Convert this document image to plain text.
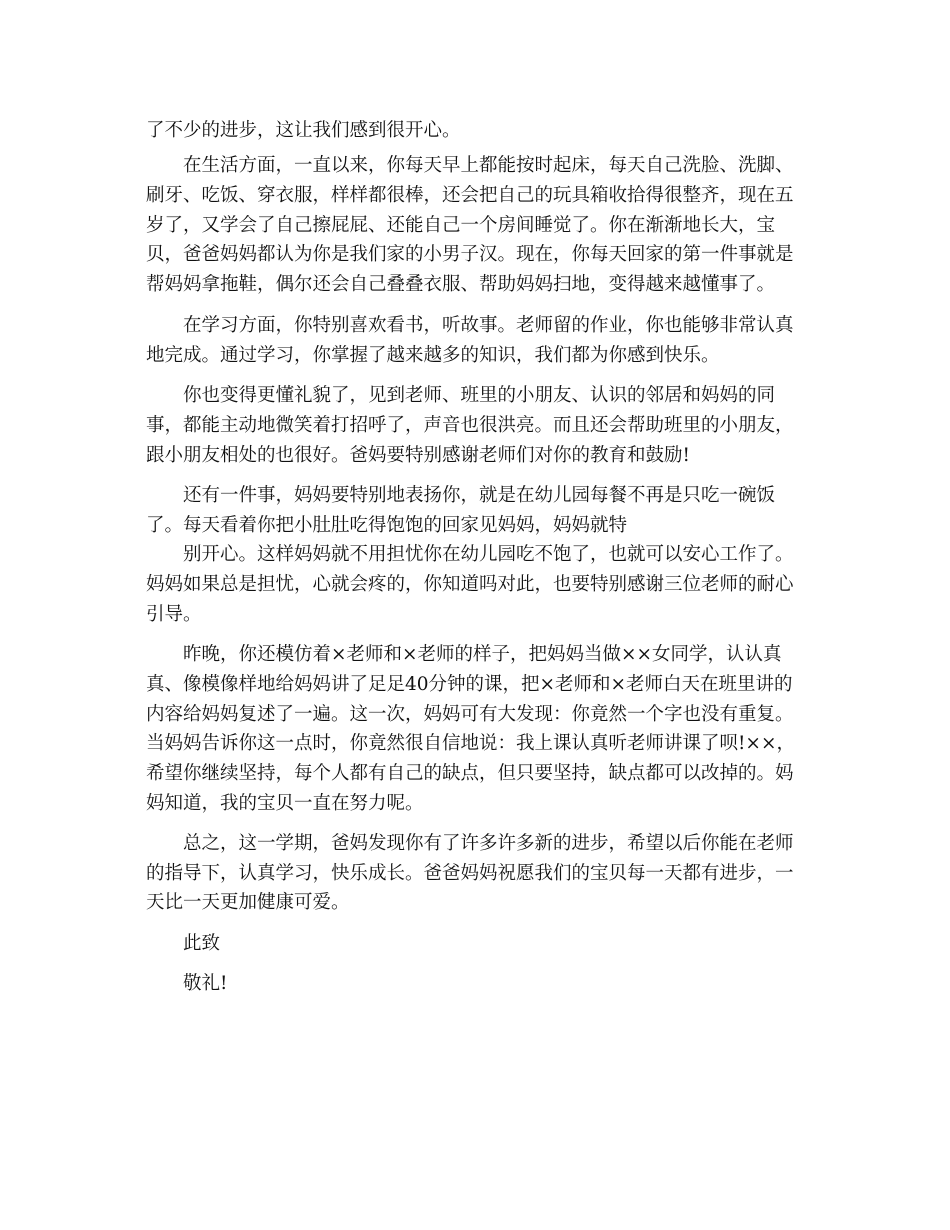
了不少的进步，这让我们感到很开心。
在生活方面，一直以来，你每天早上都能按时起床，每天自己洗脸、洗脚、
刷牙、吃饭、穿衣服，样样都很棒，还会把自己的玩具箱收拾得很整齐，现在五
岁了，又学会了自己擦屁屁、还能自己一个房间睡觉了。你在渐渐地长大，宝
贝，爸爸妈妈都认为你是我们家的小男子汉。现在，你每天回家的第一件事就是
帮妈妈拿拖鞋，偶尔还会自己叠叠衣服、帮助妈妈扫地，变得越来越懂事了。
在学习方面，你特别喜欢看书，听故事。老师留的作业，你也能够非常认真
地完成。通过学习，你掌握了越来越多的知识，我们都为你感到快乐。
你也变得更懂礼貌了，见到老师、班里的小朋友、认识的邻居和妈妈的同
事，都能主动地微笑着打招呼了，声音也很洪亮。而且还会帮助班里的小朋友，
跟小朋友相处的也很好。爸妈要特别感谢老师们对你的教育和鼓励!
还有一件事，妈妈要特别地表扬你，就是在幼儿园每餐不再是只吃一碗饭
了。每天看着你把小肚肚吃得饱饱的回家见妈妈，妈妈就特
别开心。这样妈妈就不用担忧你在幼儿园吃不饱了，也就可以安心工作了。
妈妈如果总是担忧，心就会疼的，你知道吗对此，也要特别感谢三位老师的耐心
引导。
昨晚，你还模仿着×老师和×老师的样子，把妈妈当做××女同学，认认真
真、像模像样地给妈妈讲了足足40分钟的课，把×老师和×老师白天在班里讲的
内容给妈妈复述了一遍。这一次，妈妈可有大发现：你竟然一个字也没有重复。
当妈妈告诉你这一点时，你竟然很自信地说：我上课认真听老师讲课了呗!××，
希望你继续坚持，每个人都有自己的缺点，但只要坚持，缺点都可以改掉的。妈
妈知道，我的宝贝一直在努力呢。
总之，这一学期，爸妈发现你有了许多许多新的进步，希望以后你能在老师
的指导下，认真学习，快乐成长。爸爸妈妈祝愿我们的宝贝每一天都有进步，一
天比一天更加健康可爱。
此致
敬礼!
